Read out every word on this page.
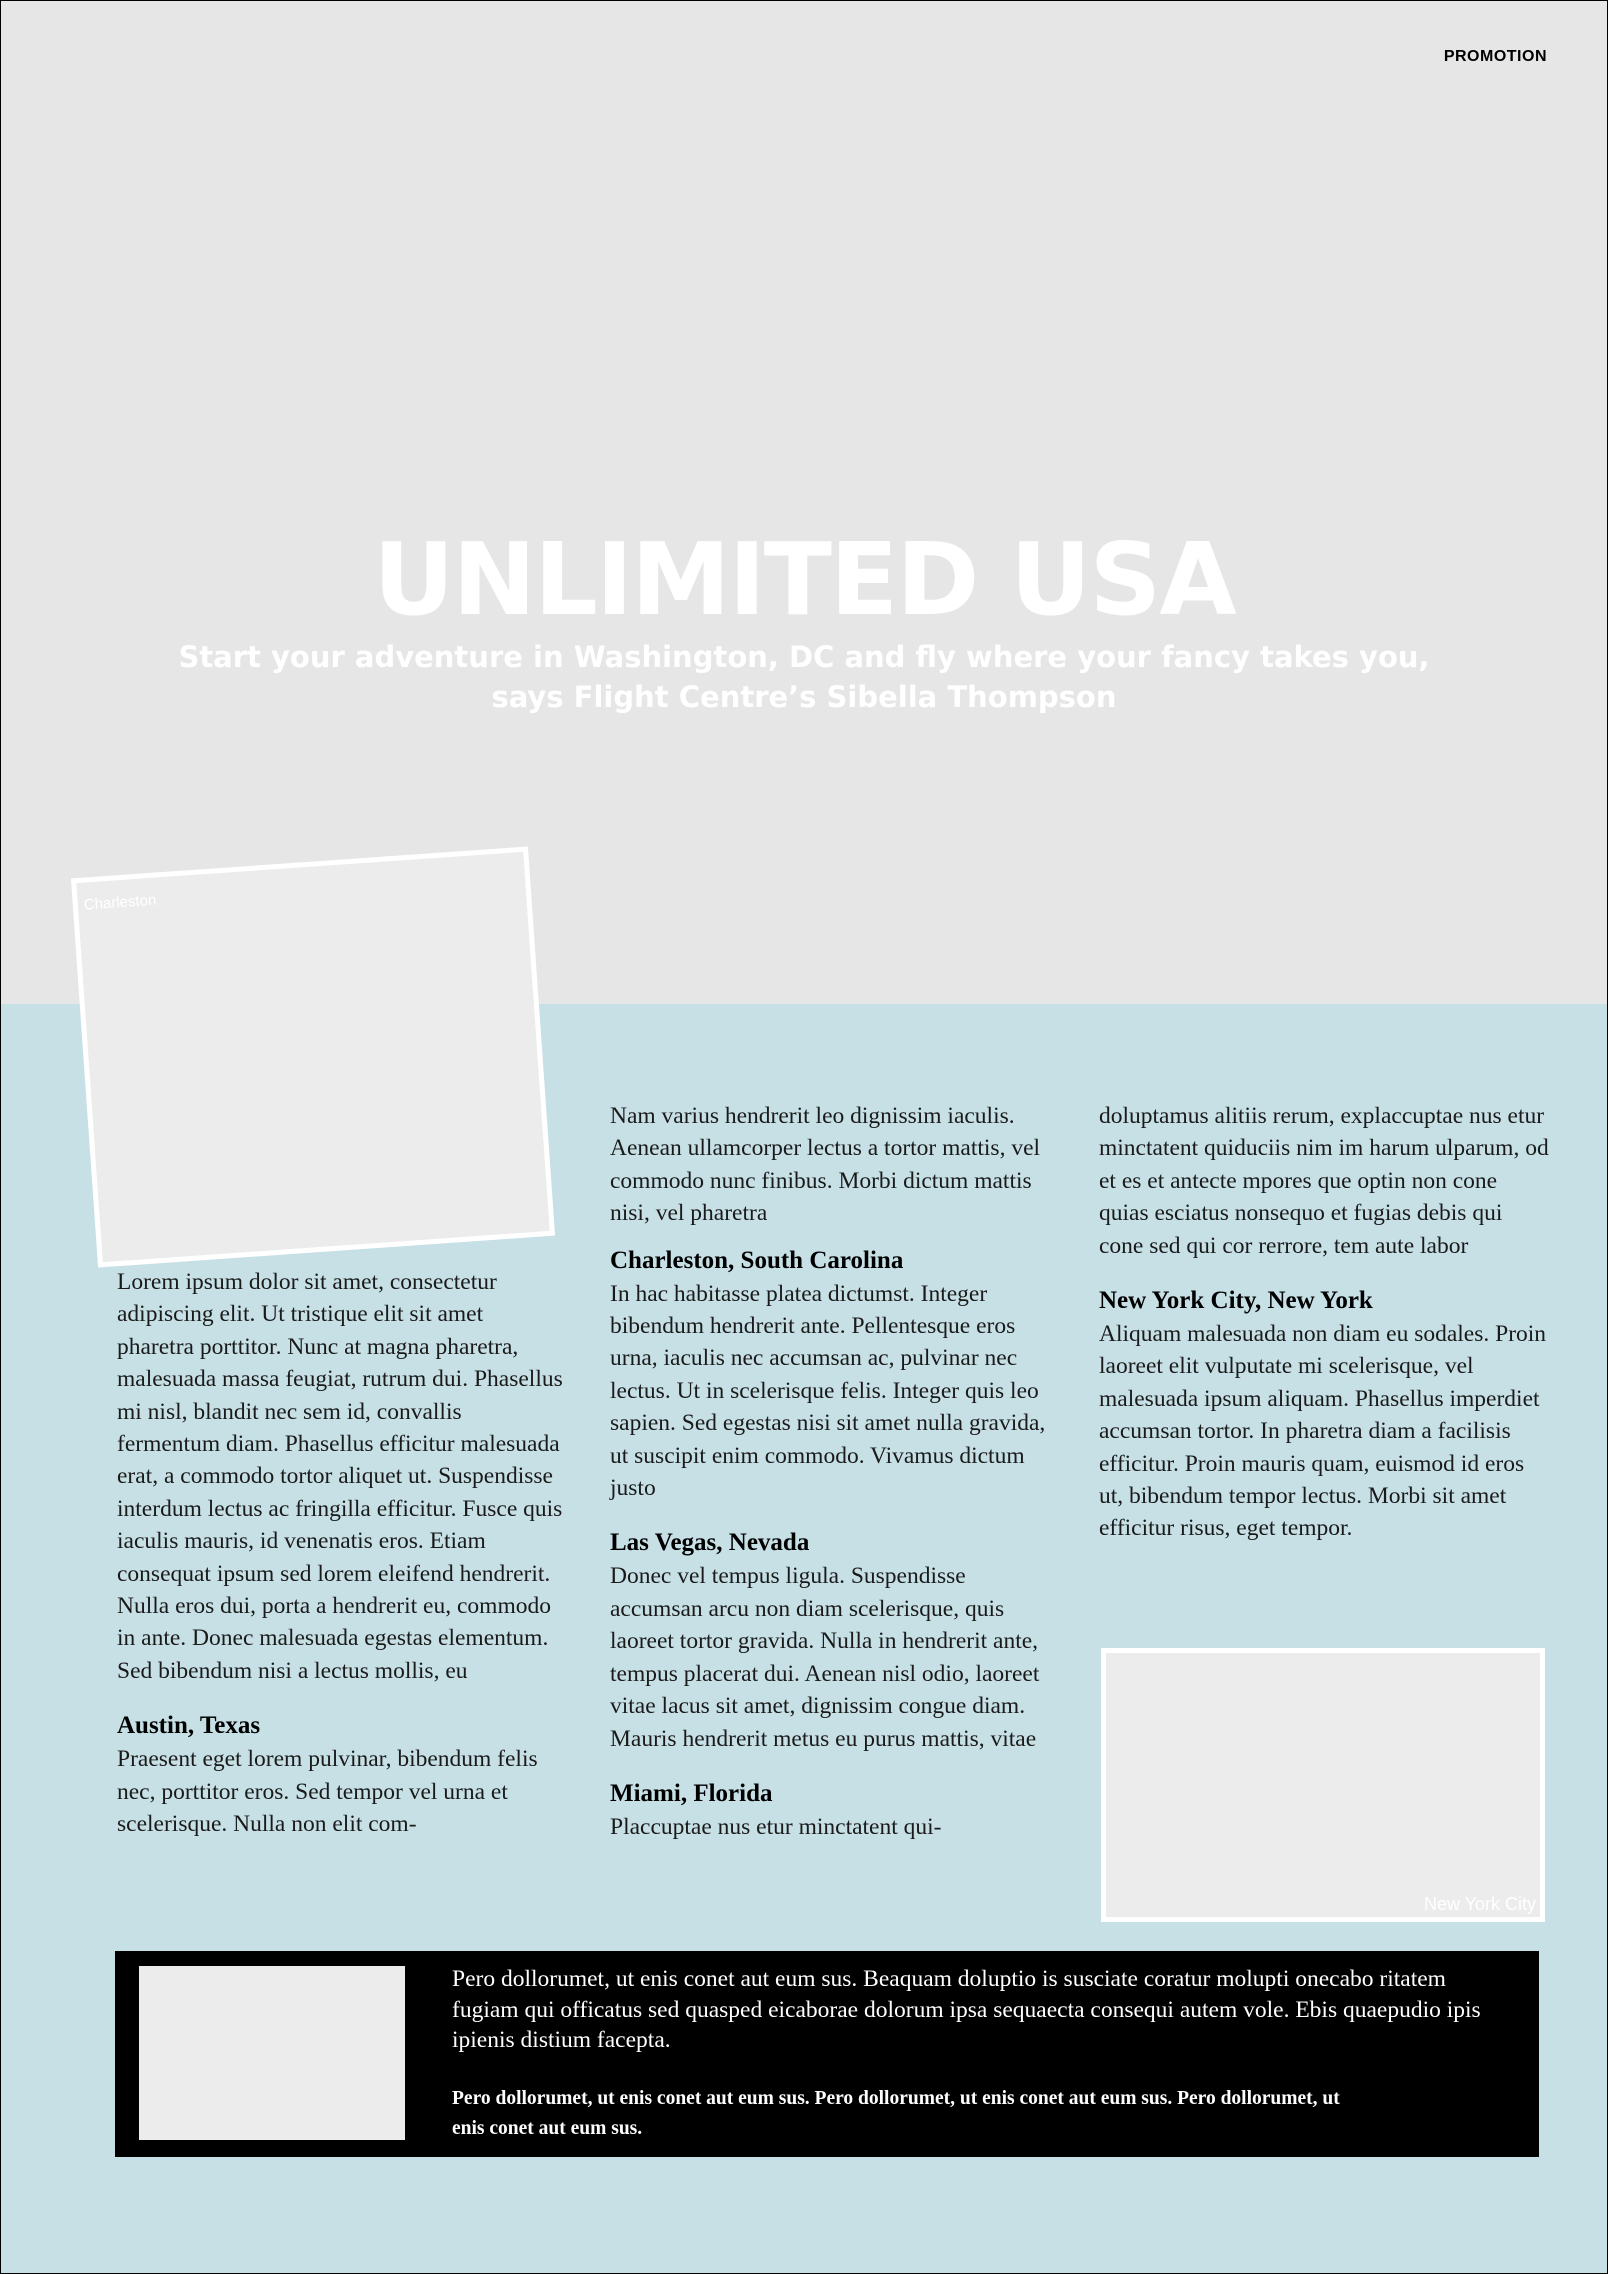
PROMOTION
UNLIMITED USA
Start your adventure in Washington, DC and fly where your fancy takes you,
says Flight Centre’s Sibella Thompson
Charleston

Lorem ipsum dolor sit amet, consectetur adipiscing elit. Ut tristique elit sit amet pharetra porttitor. Nunc at magna pharetra, malesuada massa feugiat, rutrum dui. Phasellus mi nisl, blandit nec sem id, convallis fermentum diam. Phasellus efficitur malesuada erat, a commodo tortor aliquet ut. Suspendisse interdum lectus ac fringilla efficitur. Fusce quis iaculis mauris, id venenatis eros. Etiam consequat ipsum sed lorem eleifend hendrerit. Nulla eros dui, porta a hendrerit eu, commodo in ante. Donec malesuada egestas elementum. Sed bibendum nisi a lectus mollis, eu

Austin, Texas

Praesent eget lorem pulvinar, bibendum felis nec, porttitor eros. Sed tempor vel urna et scelerisque. Nulla non elit com-

Nam varius hendrerit leo dignissim iaculis. Aenean ullamcorper lectus a tortor mattis, vel commodo nunc finibus. Morbi dictum mattis nisi, vel pharetra

Charleston, South Carolina

In hac habitasse platea dictumst. Integer bibendum hendrerit ante. Pellentesque eros urna, iaculis nec accumsan ac, pulvinar nec lectus. Ut in scelerisque felis. Integer quis leo sapien. Sed egestas nisi sit amet nulla gravida, ut suscipit enim commodo. Vivamus dictum justo

Las Vegas, Nevada

Donec vel tempus ligula. Suspendisse accumsan arcu non diam scelerisque, quis laoreet tortor gravida. Nulla in hendrerit ante, tempus placerat dui. Aenean nisl odio, laoreet vitae lacus sit amet, dignissim congue diam. Mauris hendrerit metus eu purus mattis, vitae

Miami, Florida

Placcuptae nus etur minctatent qui-

doluptamus alitiis rerum, explaccuptae nus etur minctatent quiduciis nim im harum ulparum, od et es et antecte mpores que optin non cone quias esciatus nonsequo et fugias debis qui cone sed qui cor rerrore, tem aute labor

New York City, New York

Aliquam malesuada non diam eu sodales. Proin laoreet elit vulputate mi scelerisque, vel malesuada ipsum aliquam. Phasellus imperdiet accumsan tortor. In pharetra diam a facilisis efficitur. Proin mauris quam, euismod id eros ut, bibendum tempor lectus. Morbi sit amet efficitur risus, eget tempor.

New York City
Pero dollorumet, ut enis conet aut eum sus. Beaquam doluptio is susciate coratur molupti onecabo ritatem fugiam qui officatus sed quasped eicaborae dolorum ipsa sequaecta consequi autem vole. Ebis quaepudio ipis ipienis distium facepta.
Pero dollorumet, ut enis conet aut eum sus. Pero dollorumet, ut enis conet aut eum sus. Pero dollorumet, ut enis conet aut eum sus.
